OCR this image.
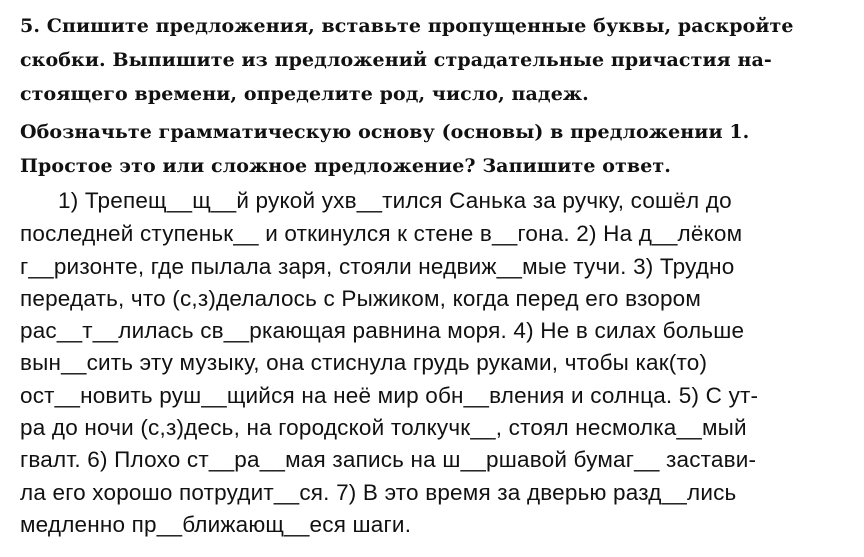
5. Спишите предложения, вставьте пропущенные буквы, раскройте
скобки. Выпишите из предложений страдательные причастия на-
стоящего времени, определите род, число, падеж.
Обозначьте грамматическую основу (основы) в предложении 1.
Простое это или сложное предложение? Запишите ответ.
1) Трепещ__щ__й рукой ухв__тился Санька за ручку, сошёл до
последней ступеньк__ и откинулся к стене в__гона. 2) На д__лёком
г__ризонте, где пылала заря, стояли недвиж__мые тучи. 3) Трудно
передать, что (с,з)делалось с Рыжиком, когда перед его взором
рас__т__лилась св__ркающая равнина моря. 4) Не в силах больше
вын__сить эту музыку, она стиснула грудь руками, чтобы как(то)
ост__новить руш__щийся на неё мир обн__вления и солнца. 5) С ут-
ра до ночи (с,з)десь, на городской толкучк__, стоял несмолка__мый
гвалт. 6) Плохо ст__ра__мая запись на ш__ршавой бумаг__ застави-
ла его хорошо потрудит__ся. 7) В это время за дверью разд__лись
медленно пр__ближающ__еся шаги.
